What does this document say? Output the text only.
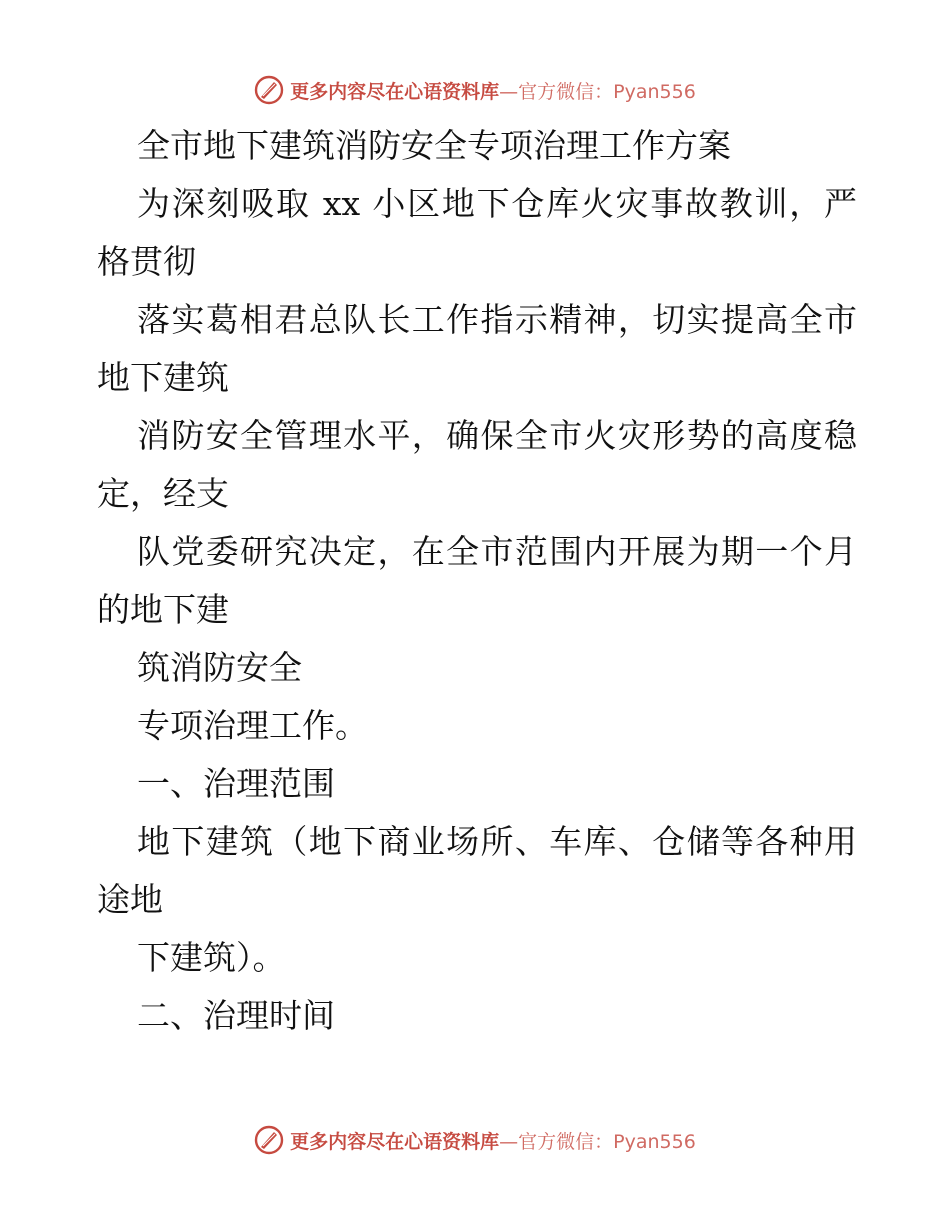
更多内容尽在心语资料库 —官方微信：Pyan556
全市地下建筑消防安全专项治理工作方案
为深刻吸取 xx 小区地下仓库火灾事故教训，严
格贯彻
落实葛相君总队长工作指示精神，切实提高全市
地下建筑
消防安全管理水平，确保全市火灾形势的高度稳
定，经支
队党委研究决定，在全市范围内开展为期一个月
的地下建
筑消防安全
专项治理工作。
一、治理范围
地下建筑（地下商业场所、车库、仓储等各种用
途地
下建筑）。
二、治理时间
更多内容尽在心语资料库 —官方微信：Pyan556
